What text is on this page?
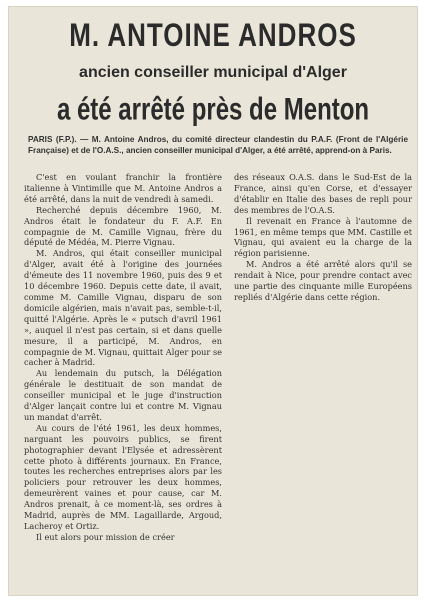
M. ANTOINE ANDROS
ancien conseiller municipal d'Alger
a été arrêté près de Menton

PARIS (F.P.). — M. Antoine Andros, du comité directeur clandestin du P.A.F. (Front de l'Algérie Française) et de l'O.A.S., ancien conseiller municipal d'Alger, a été arrêté, apprend-on à Paris.

C'est en voulant franchir la frontière italienne à Vintimille que M. Antoine Andros a été arrêté, dans la nuit de vendredi à samedi.

Recherché depuis décembre 1960, M. Andros était le fondateur du F. A.F. En compagnie de M. Camille Vignau, frère du député de Médéa, M. Pierre Vignau.

M. Andros, qui était conseiller municipal d'Alger, avait été à l'origine des journées d'émeute des 11 novembre 1960, puis des 9 et 10 décembre 1960. Depuis cette date, il avait, comme M. Camille Vignau, disparu de son domicile algérien, mais n'avait pas, semble-t-il, quitté l'Algérie. Après le « putsch d'avril 1961 », auquel il n'est pas certain, si et dans quelle mesure, il a participé, M. Andros, en compagnie de M. Vignau, quittait Alger pour se cacher à Madrid.

Au lendemain du putsch, la Délégation générale le destituait de son mandat de conseiller municipal et le juge d'instruction d'Alger lançait contre lui et contre M. Vignau un mandat d'arrêt.

Au cours de l'été 1961, les deux hommes, narguant les pouvoirs publics, se firent photographier devant l'Elysée et adressèrent cette photo à différents journaux. En France, toutes les recherches entreprises alors par les policiers pour retrouver les deux hommes, demeurèrent vaines et pour cause, car M. Andros prenait, à ce moment-là, ses ordres à Madrid, auprès de MM. Lagaillarde, Argoud, Lacheroy et Ortiz.

Il eut alors pour mission de créer

des réseaux O.A.S. dans le Sud-Est de la France, ainsi qu'en Corse, et d'essayer d'établir en Italie des bases de repli pour des membres de l'O.A.S.

Il revenait en France à l'automne de 1961, en même temps que MM. Castille et Vignau, qui avaient eu la charge de la région parisienne.

M. Andros a été arrêté alors qu'il se rendait à Nice, pour prendre contact avec une partie des cinquante mille Européens repliés d'Algérie dans cette région.
